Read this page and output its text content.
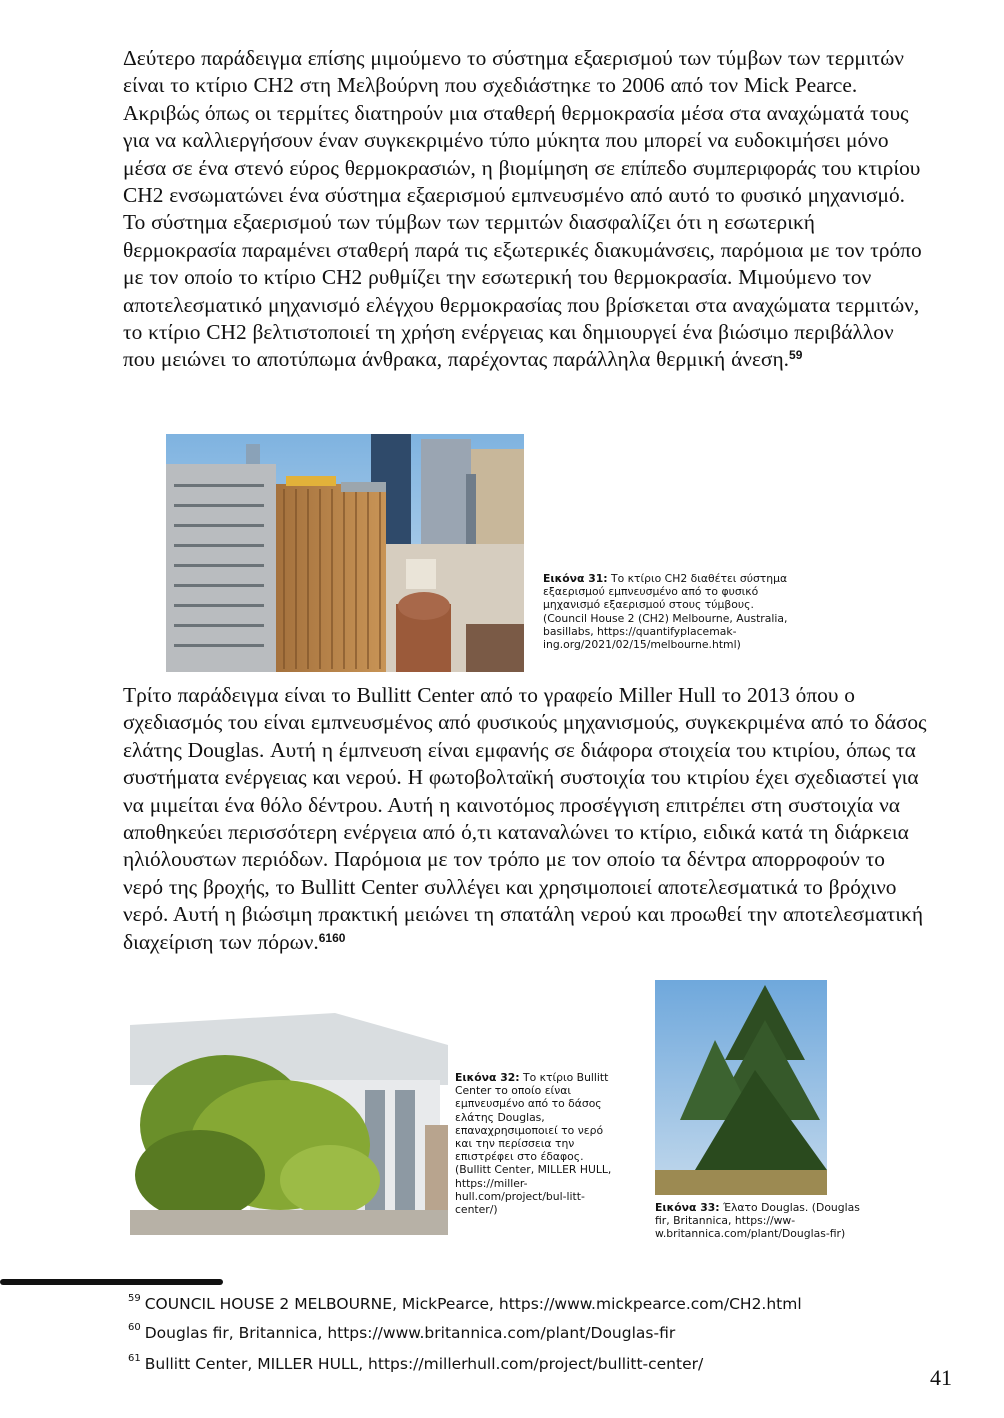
Δεύτερο παράδειγμα επίσης μιμούμενο το σύστημα εξαερισμού των τύμβων των τερμιτών είναι το κτίριο CH2 στη Μελβούρνη που σχεδιάστηκε το 2006 από τον Mick Pearce. Ακριβώς όπως οι τερμίτες διατηρούν μια σταθερή θερμοκρασία μέσα στα αναχώματά τους για να καλλιεργήσουν έναν συγκεκριμένο τύπο μύκητα που μπορεί να ευδοκιμήσει μόνο μέσα σε ένα στενό εύρος θερμοκρασιών, η βιομίμηση σε επίπεδο συμπεριφοράς του κτιρίου CH2 ενσωματώνει ένα σύστημα εξαερισμού εμπνευσμένο από αυτό το φυσικό μηχανισμό. Το σύστημα εξαερισμού των τύμβων των τερμιτών διασφαλίζει ότι η εσωτερική θερμοκρασία παραμένει σταθερή παρά τις εξωτερικές διακυμάνσεις, παρόμοια με τον τρόπο με τον οποίο το κτίριο CH2 ρυθμίζει την εσωτερική του θερμοκρασία. Μιμούμενο τον αποτελεσματικό μηχανισμό ελέγχου θερμοκρασίας που βρίσκεται στα αναχώματα τερμιτών, το κτίριο CH2 βελτιστοποιεί τη χρήση ενέργειας και δημιουργεί ένα βιώσιμο περιβάλλον που μειώνει το αποτύπωμα άνθρακα, παρέχοντας παράλληλα θερμική άνεση.$^{59}$

Εικόνα 31: Το κτίριο CH2 διαθέτει σύστημα εξαερισμού εμπνευσμένο από το φυσικό μηχανισμό εξαερισμού στους τύμβους. (Council House 2 (CH2) Melbourne, Australia, basillabs, https://quantifyplacemak-ing.org/2021/02/15/melbourne.html)

Τρίτο παράδειγμα είναι το Bullitt Center από το γραφείο Miller Hull το 2013 όπου ο σχεδιασμός του είναι εμπνευσμένος από φυσικούς μηχανισμούς, συγκεκριμένα από το δάσος ελάτης Douglas. Αυτή η έμπνευση είναι εμφανής σε διάφορα στοιχεία του κτιρίου, όπως τα συστήματα ενέργειας και νερού. Η φωτοβολταϊκή συστοιχία του κτιρίου έχει σχεδιαστεί για να μιμείται ένα θόλο δέντρου. Αυτή η καινοτόμος προσέγγιση επιτρέπει στη συστοιχία να αποθηκεύει περισσότερη ενέργεια από ό,τι καταναλώνει το κτίριο, ειδικά κατά τη διάρκεια ηλιόλουστων περιόδων. Παρόμοια με τον τρόπο με τον οποίο τα δέντρα απορροφούν το νερό της βροχής, το Bullitt Center συλλέγει και χρησιμοποιεί αποτελεσματικά το βρόχινο νερό. Αυτή η βιώσιμη πρακτική μειώνει τη σπατάλη νερού και προωθεί την αποτελεσματική διαχείριση των πόρων.$^{6160}$

Εικόνα 32: Το κτίριο Bullitt Center το οποίο είναι εμπνευσμένο από το δάσος ελάτης Douglas, επαναχρησιμοποιεί το νερό και την περίσσεια την επιστρέφει στο έδαφος. (Bullitt Center, MILLER HULL, https://miller-hull.com/project/bul-litt-center/)	Εικόνα 33: Έλατο Douglas. (Douglas fir, Britannica, https://ww-w.britannica.com/plant/Douglas-fir)
$^{59}$ COUNCIL HOUSE 2 MELBOURNE, MickPearce, https://www.mickpearce.com/CH2.html
$^{60}$ Douglas fir, Britannica, https://www.britannica.com/plant/Douglas-fir
$^{61}$ Bullitt Center, MILLER HULL, https://millerhull.com/project/bullitt-center/
41
